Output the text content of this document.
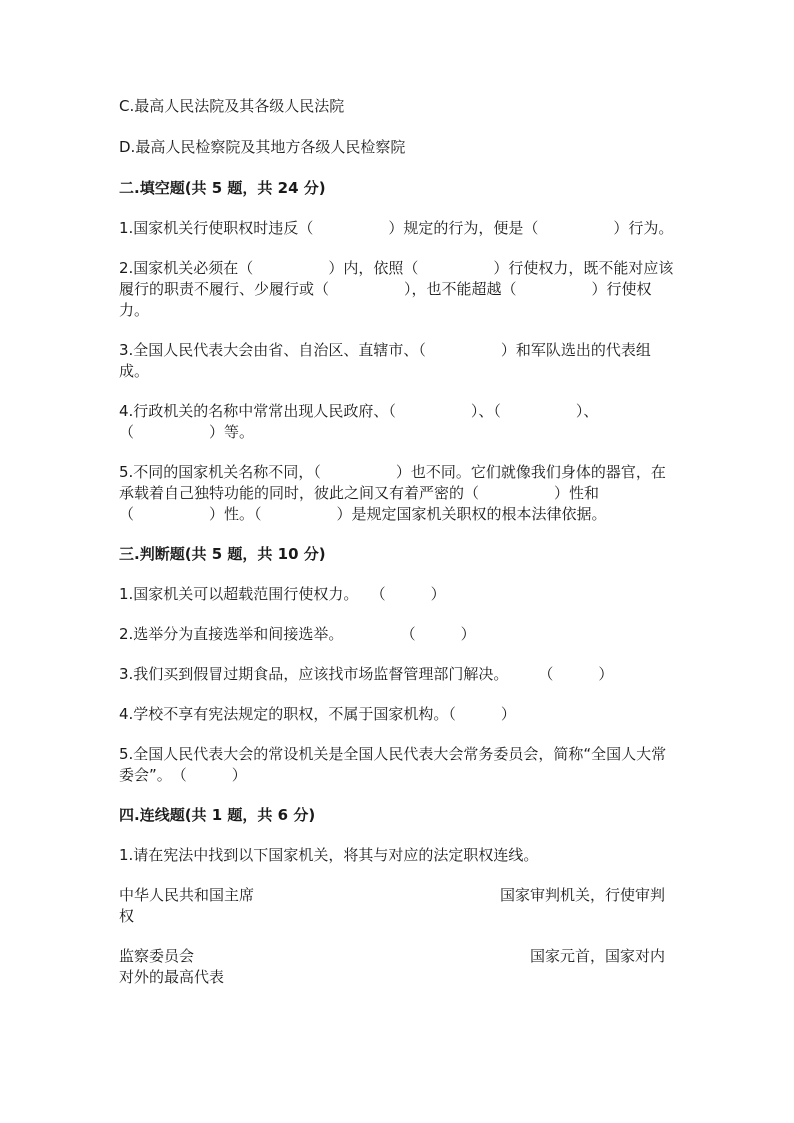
C.最高人民法院及其各级人民法院

D.最高人民检察院及其地方各级人民检察院

二.填空题(共 5 题，共 24 分)

1.国家机关行使职权时违反（　　　　　）规定的行为，便是（　　　　　）行为。

2.国家机关必须在（　　　　　）内，依照（　　　　　）行使权力，既不能对应该履行的职责不履行、少履行或（　　　　　），也不能超越（　　　　　）行使权力。

3.全国人民代表大会由省、自治区、直辖市、（　　　　　）和军队选出的代表组成。

4.行政机关的名称中常常出现人民政府、（　　　　　）、（　　　　　）、（　　　　　）等。

5.不同的国家机关名称不同，（　　　　　）也不同。它们就像我们身体的器官，在承载着自己独特功能的同时，彼此之间又有着严密的（　　　　　）性和（　　　　　）性。（　　　　　）是规定国家机关职权的根本法律依据。

三.判断题(共 5 题，共 10 分)

1.国家机关可以超载范围行使权力。　 （　　　）

2.选举分为直接选举和间接选举。　　　　 （　　　）

3.我们买到假冒过期食品，应该找市场监督管理部门解决。　　　（　　　）

4.学校不享有宪法规定的职权，不属于国家机构。（　　　）

5.全国人民代表大会的常设机关是全国人民代表大会常务委员会，简称“全国人大常委会”。　（　　　）

四.连线题(共 1 题，共 6 分)

1.请在宪法中找到以下国家机关，将其与对应的法定职权连线。

中华人民共和国主席	国家审判机关，行使审判
权
监察委员会	国家元首，国家对内
对外的最高代表
